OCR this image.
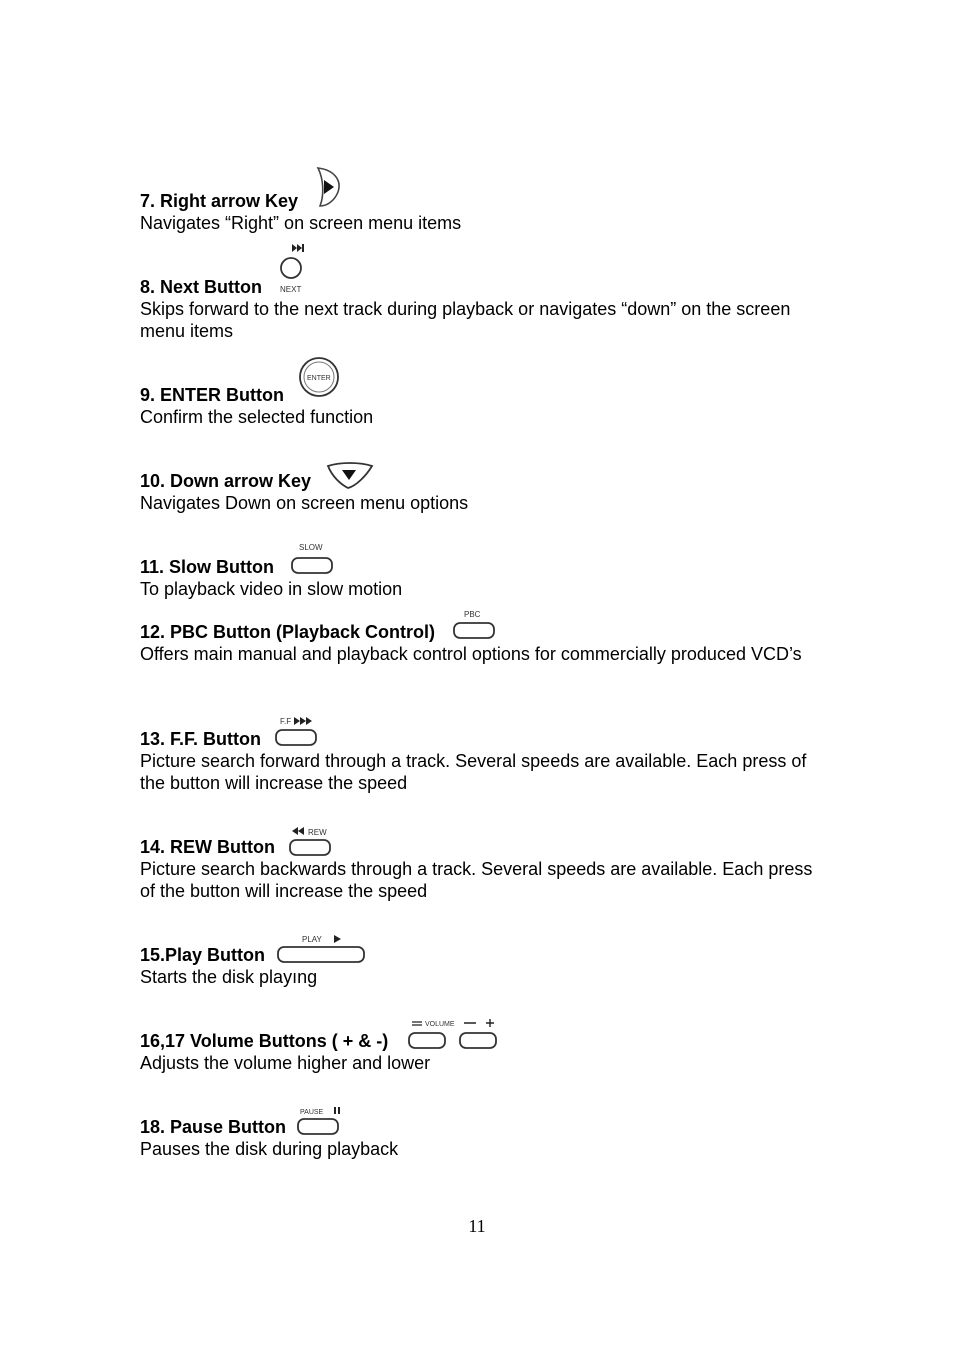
7. Right arrow Key
Navigates “Right” on screen menu items
8. Next Button
Skips forward to the next track during playback or navigates “down” on the screen menu items
NEXT
9. ENTER Button
Confirm the selected function
ENTER
10. Down arrow Key
Navigates Down on screen menu options
11. Slow Button
To playback video in slow motion
SLOW
12. PBC Button (Playback Control)
Offers main manual and playback control options for commercially produced VCD’s
PBC
13. F.F. Button
Picture search forward through a track. Several speeds are available. Each press of the button will increase the speed
F.F
14. REW Button
Picture search backwards through a track. Several speeds are available. Each press of the button will increase the speed
REW
15.Play Button
Starts the disk playıng
PLAY
16,17 Volume Buttons ( + & -)
Adjusts the volume higher and lower
VOLUME
18. Pause Button
Pauses the disk during playback
PAUSE
11
